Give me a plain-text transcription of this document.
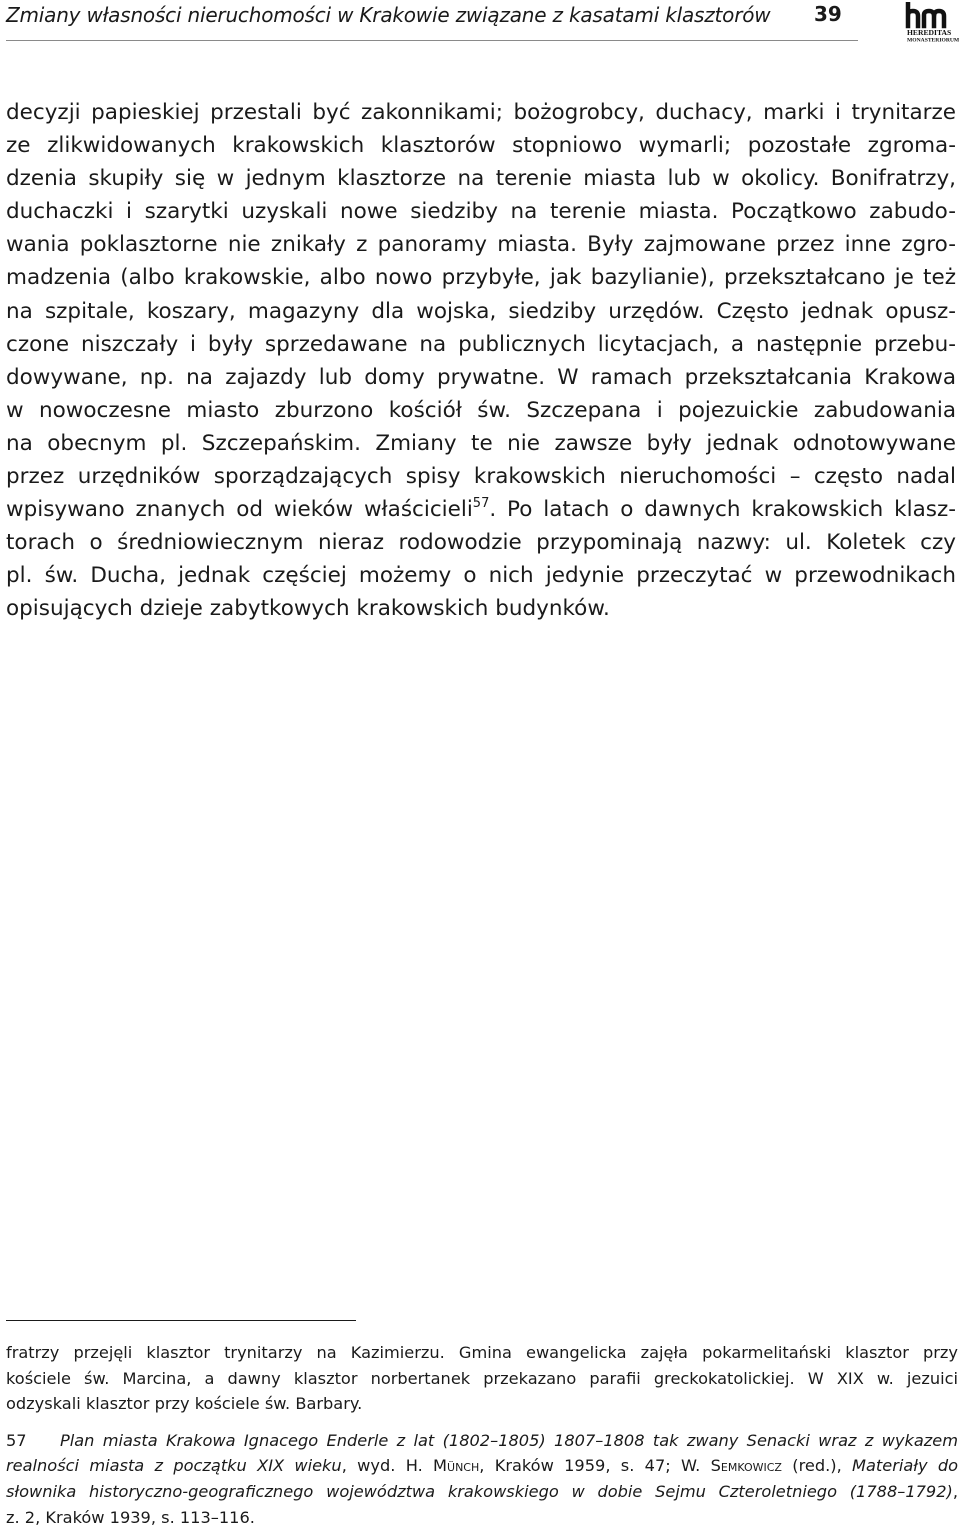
Zmiany własności nieruchomości w Krakowie związane z kasatami klasztorów 39
HEREDITAS
MONASTERIORUM
decyzji papieskiej przestali być zakonnikami; bożogrobcy, duchacy, marki i trynitarze
ze zlikwidowanych krakowskich klasztorów stopniowo wymarli; pozostałe zgroma-
dzenia skupiły się w jednym klasztorze na terenie miasta lub w okolicy. Bonifratrzy,
duchaczki i szarytki uzyskali nowe siedziby na terenie miasta. Początkowo zabudo-
wania poklasztorne nie znikały z panoramy miasta. Były zajmowane przez inne zgro-
madzenia (albo krakowskie, albo nowo przybyłe, jak bazylianie), przekształcano je też
na szpitale, koszary, magazyny dla wojska, siedziby urzędów. Często jednak opusz-
czone niszczały i były sprzedawane na publicznych licytacjach, a następnie przebu-
dowywane, np. na zajazdy lub domy prywatne. W ramach przekształcania Krakowa
w nowoczesne miasto zburzono kościół św. Szczepana i pojezuickie zabudowania
na obecnym pl. Szczepańskim. Zmiany te nie zawsze były jednak odnotowywane
przez urzędników sporządzających spisy krakowskich nieruchomości – często nadal
wpisywano znanych od wieków właścicieli$^{57}$. Po latach o dawnych krakowskich klasz-
torach o średniowiecznym nieraz rodowodzie przypominają nazwy: ul. Koletek czy
pl. św. Ducha, jednak częściej możemy o nich jedynie przeczytać w przewodnikach
opisujących dzieje zabytkowych krakowskich budynków.
fratrzy przejęli klasztor trynitarzy na Kazimierzu. Gmina ewangelicka zajęła pokarmelitański klasztor przy
kościele św. Marcina, a dawny klasztor norbertanek przekazano parafii greckokatolickiej. W XIX w. jezuici
odzyskali klasztor przy kościele św. Barbary.
57 Plan miasta Krakowa Ignacego Enderle z lat (1802–1805) 1807–1808 tak zwany Senacki wraz z wykazem
realności miasta z początku XIX wieku, wyd. H. Münch, Kraków 1959, s. 47; W. Semkowicz (red.), Materiały do
słownika historyczno-geograficznego województwa krakowskiego w dobie Sejmu Czteroletniego (1788–1792),
z. 2, Kraków 1939, s. 113–116.
